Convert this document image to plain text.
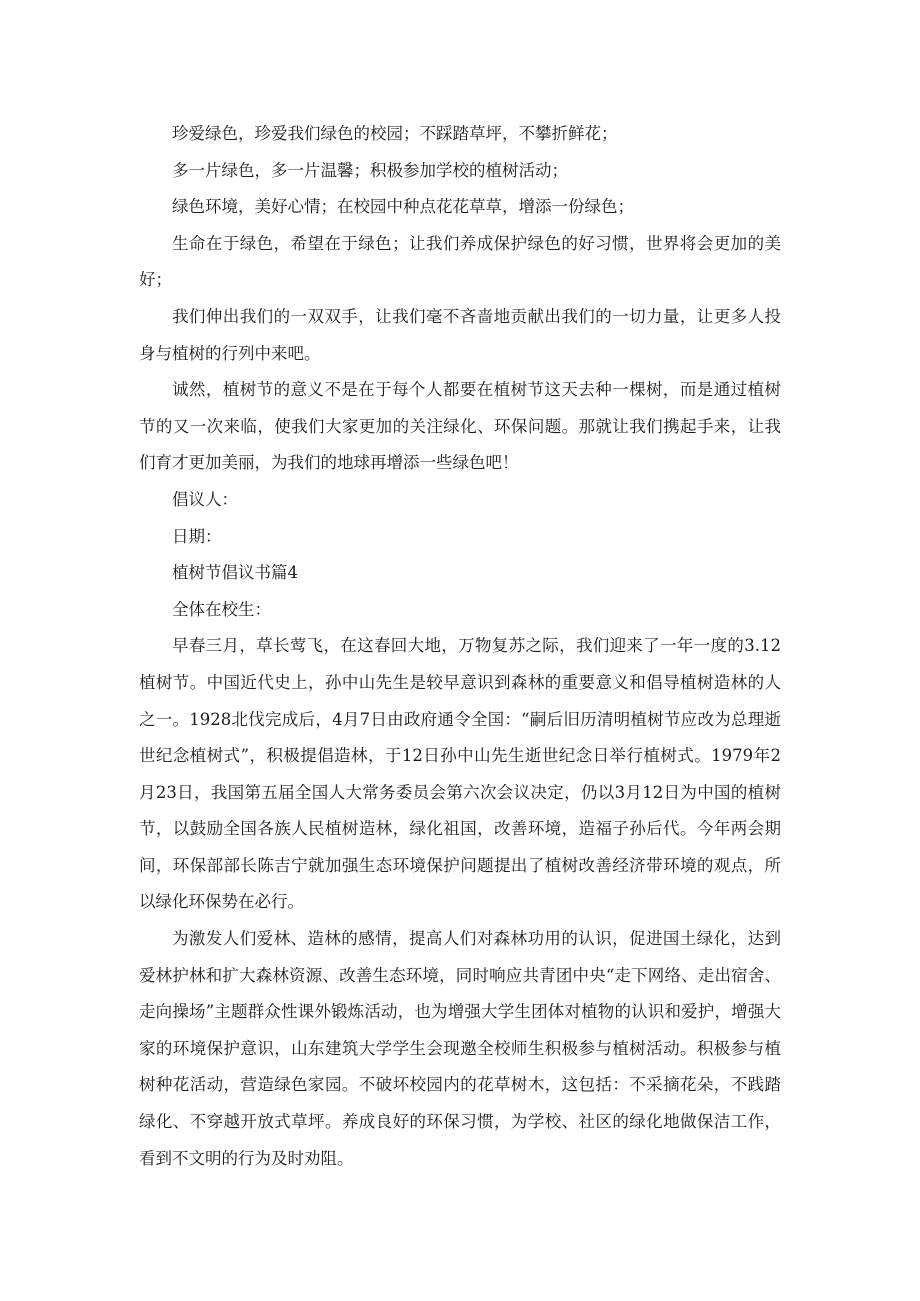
珍爱绿色，珍爱我们绿色的校园；不踩踏草坪，不攀折鲜花；

多一片绿色，多一片温馨；积极参加学校的植树活动；

绿色环境，美好心情；在校园中种点花花草草，增添一份绿色；

生命在于绿色，希望在于绿色；让我们养成保护绿色的好习惯，世界将会更加的美好；

我们伸出我们的一双双手，让我们毫不吝啬地贡献出我们的一切力量，让更多人投身与植树的行列中来吧。

诚然，植树节的意义不是在于每个人都要在植树节这天去种一棵树，而是通过植树节的又一次来临，使我们大家更加的关注绿化、环保问题。那就让我们携起手来，让我们育才更加美丽，为我们的地球再增添一些绿色吧！

倡议人：

日期：

植树节倡议书篇4

全体在校生：

早春三月，草长莺飞，在这春回大地，万物复苏之际，我们迎来了一年一度的3.12植树节。中国近代史上，孙中山先生是较早意识到森林的重要意义和倡导植树造林的人之一。1928北伐完成后，4月7日由政府通令全国：“嗣后旧历清明植树节应改为总理逝世纪念植树式”，积极提倡造林，于12日孙中山先生逝世纪念日举行植树式。1979年2月23日，我国第五届全国人大常务委员会第六次会议决定，仍以3月12日为中国的植树节，以鼓励全国各族人民植树造林，绿化祖国，改善环境，造福子孙后代。今年两会期间，环保部部长陈吉宁就加强生态环境保护问题提出了植树改善经济带环境的观点，所以绿化环保势在必行。

为激发人们爱林、造林的感情，提高人们对森林功用的认识，促进国土绿化，达到爱林护林和扩大森林资源、改善生态环境，同时响应共青团中央“走下网络、走出宿舍、走向操场”主题群众性课外锻炼活动，也为增强大学生团体对植物的认识和爱护，增强大家的环境保护意识，山东建筑大学学生会现邀全校师生积极参与植树活动。积极参与植树种花活动，营造绿色家园。不破坏校园内的花草树木，这包括：不采摘花朵，不践踏绿化、不穿越开放式草坪。养成良好的环保习惯，为学校、社区的绿化地做保洁工作，看到不文明的行为及时劝阻。
